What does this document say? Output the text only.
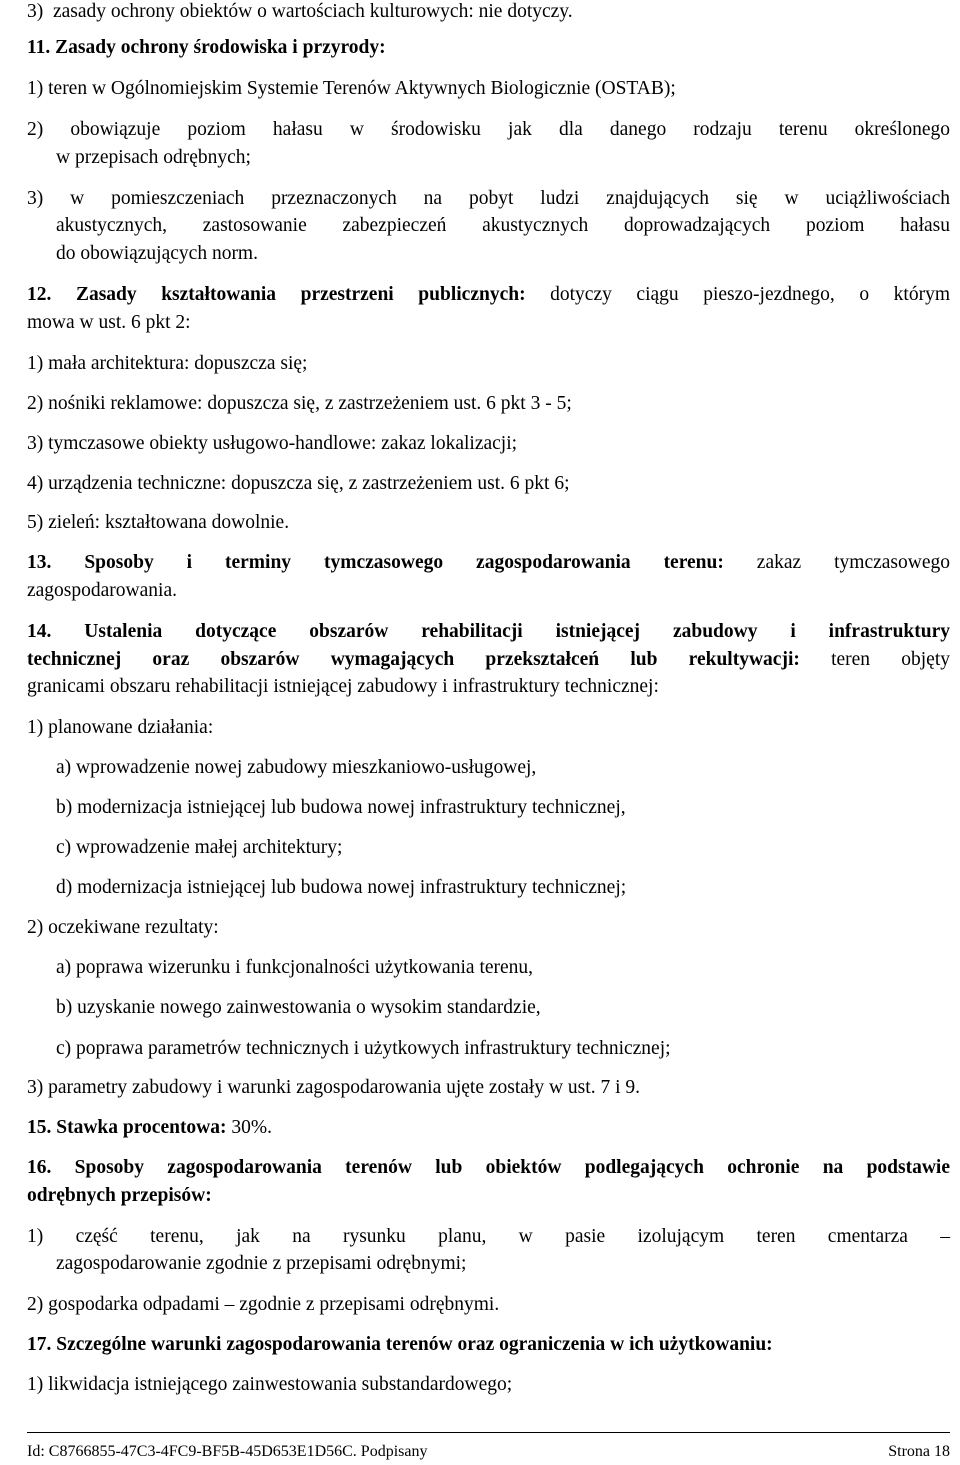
3)  zasady ochrony obiektów o wartościach kulturowych: nie dotyczy.
11. Zasady ochrony środowiska i przyrody:
1) teren w Ogólnomiejskim Systemie Terenów Aktywnych Biologicznie (OSTAB);
2) obowiązuje poziom hałasu w środowisku jak dla danego rodzaju terenu określonego
w przepisach odrębnych;
3) w pomieszczeniach przeznaczonych na pobyt ludzi znajdujących się w uciążliwościach
akustycznych, zastosowanie zabezpieczeń akustycznych doprowadzających poziom hałasu
do obowiązujących norm.
12. Zasady kształtowania przestrzeni publicznych: dotyczy ciągu pieszo-jezdnego, o którym
mowa w ust. 6 pkt 2:
1) mała architektura: dopuszcza się;
2) nośniki reklamowe: dopuszcza się, z zastrzeżeniem ust. 6 pkt 3 - 5;
3) tymczasowe obiekty usługowo-handlowe: zakaz lokalizacji;
4) urządzenia techniczne: dopuszcza się, z zastrzeżeniem ust. 6 pkt 6;
5) zieleń: kształtowana dowolnie.
13. Sposoby i terminy tymczasowego zagospodarowania terenu: zakaz tymczasowego
zagospodarowania.
14. Ustalenia dotyczące obszarów rehabilitacji istniejącej zabudowy i infrastruktury
technicznej oraz obszarów wymagających przekształceń lub rekultywacji: teren objęty
granicami obszaru rehabilitacji istniejącej zabudowy i infrastruktury technicznej:
1) planowane działania:
a) wprowadzenie nowej zabudowy mieszkaniowo-usługowej,
b) modernizacja istniejącej lub budowa nowej infrastruktury technicznej,
c) wprowadzenie małej architektury;
d) modernizacja istniejącej lub budowa nowej infrastruktury technicznej;
2) oczekiwane rezultaty:
a) poprawa wizerunku i funkcjonalności użytkowania terenu,
b) uzyskanie nowego zainwestowania o wysokim standardzie,
c) poprawa parametrów technicznych i użytkowych infrastruktury technicznej;
3) parametry zabudowy i warunki zagospodarowania ujęte zostały w ust. 7 i 9.
15. Stawka procentowa: 30%.
16. Sposoby zagospodarowania terenów lub obiektów podlegających ochronie na podstawie
odrębnych przepisów:
1) część terenu, jak na rysunku planu, w pasie izolującym teren cmentarza –
zagospodarowanie zgodnie z przepisami odrębnymi;
2) gospodarka odpadami – zgodnie z przepisami odrębnymi.
17. Szczególne warunki zagospodarowania terenów oraz ograniczenia w ich użytkowaniu:
1) likwidacja istniejącego zainwestowania substandardowego;
Id: C8766855-47C3-4FC9-BF5B-45D653E1D56C. Podpisany	Strona 18
